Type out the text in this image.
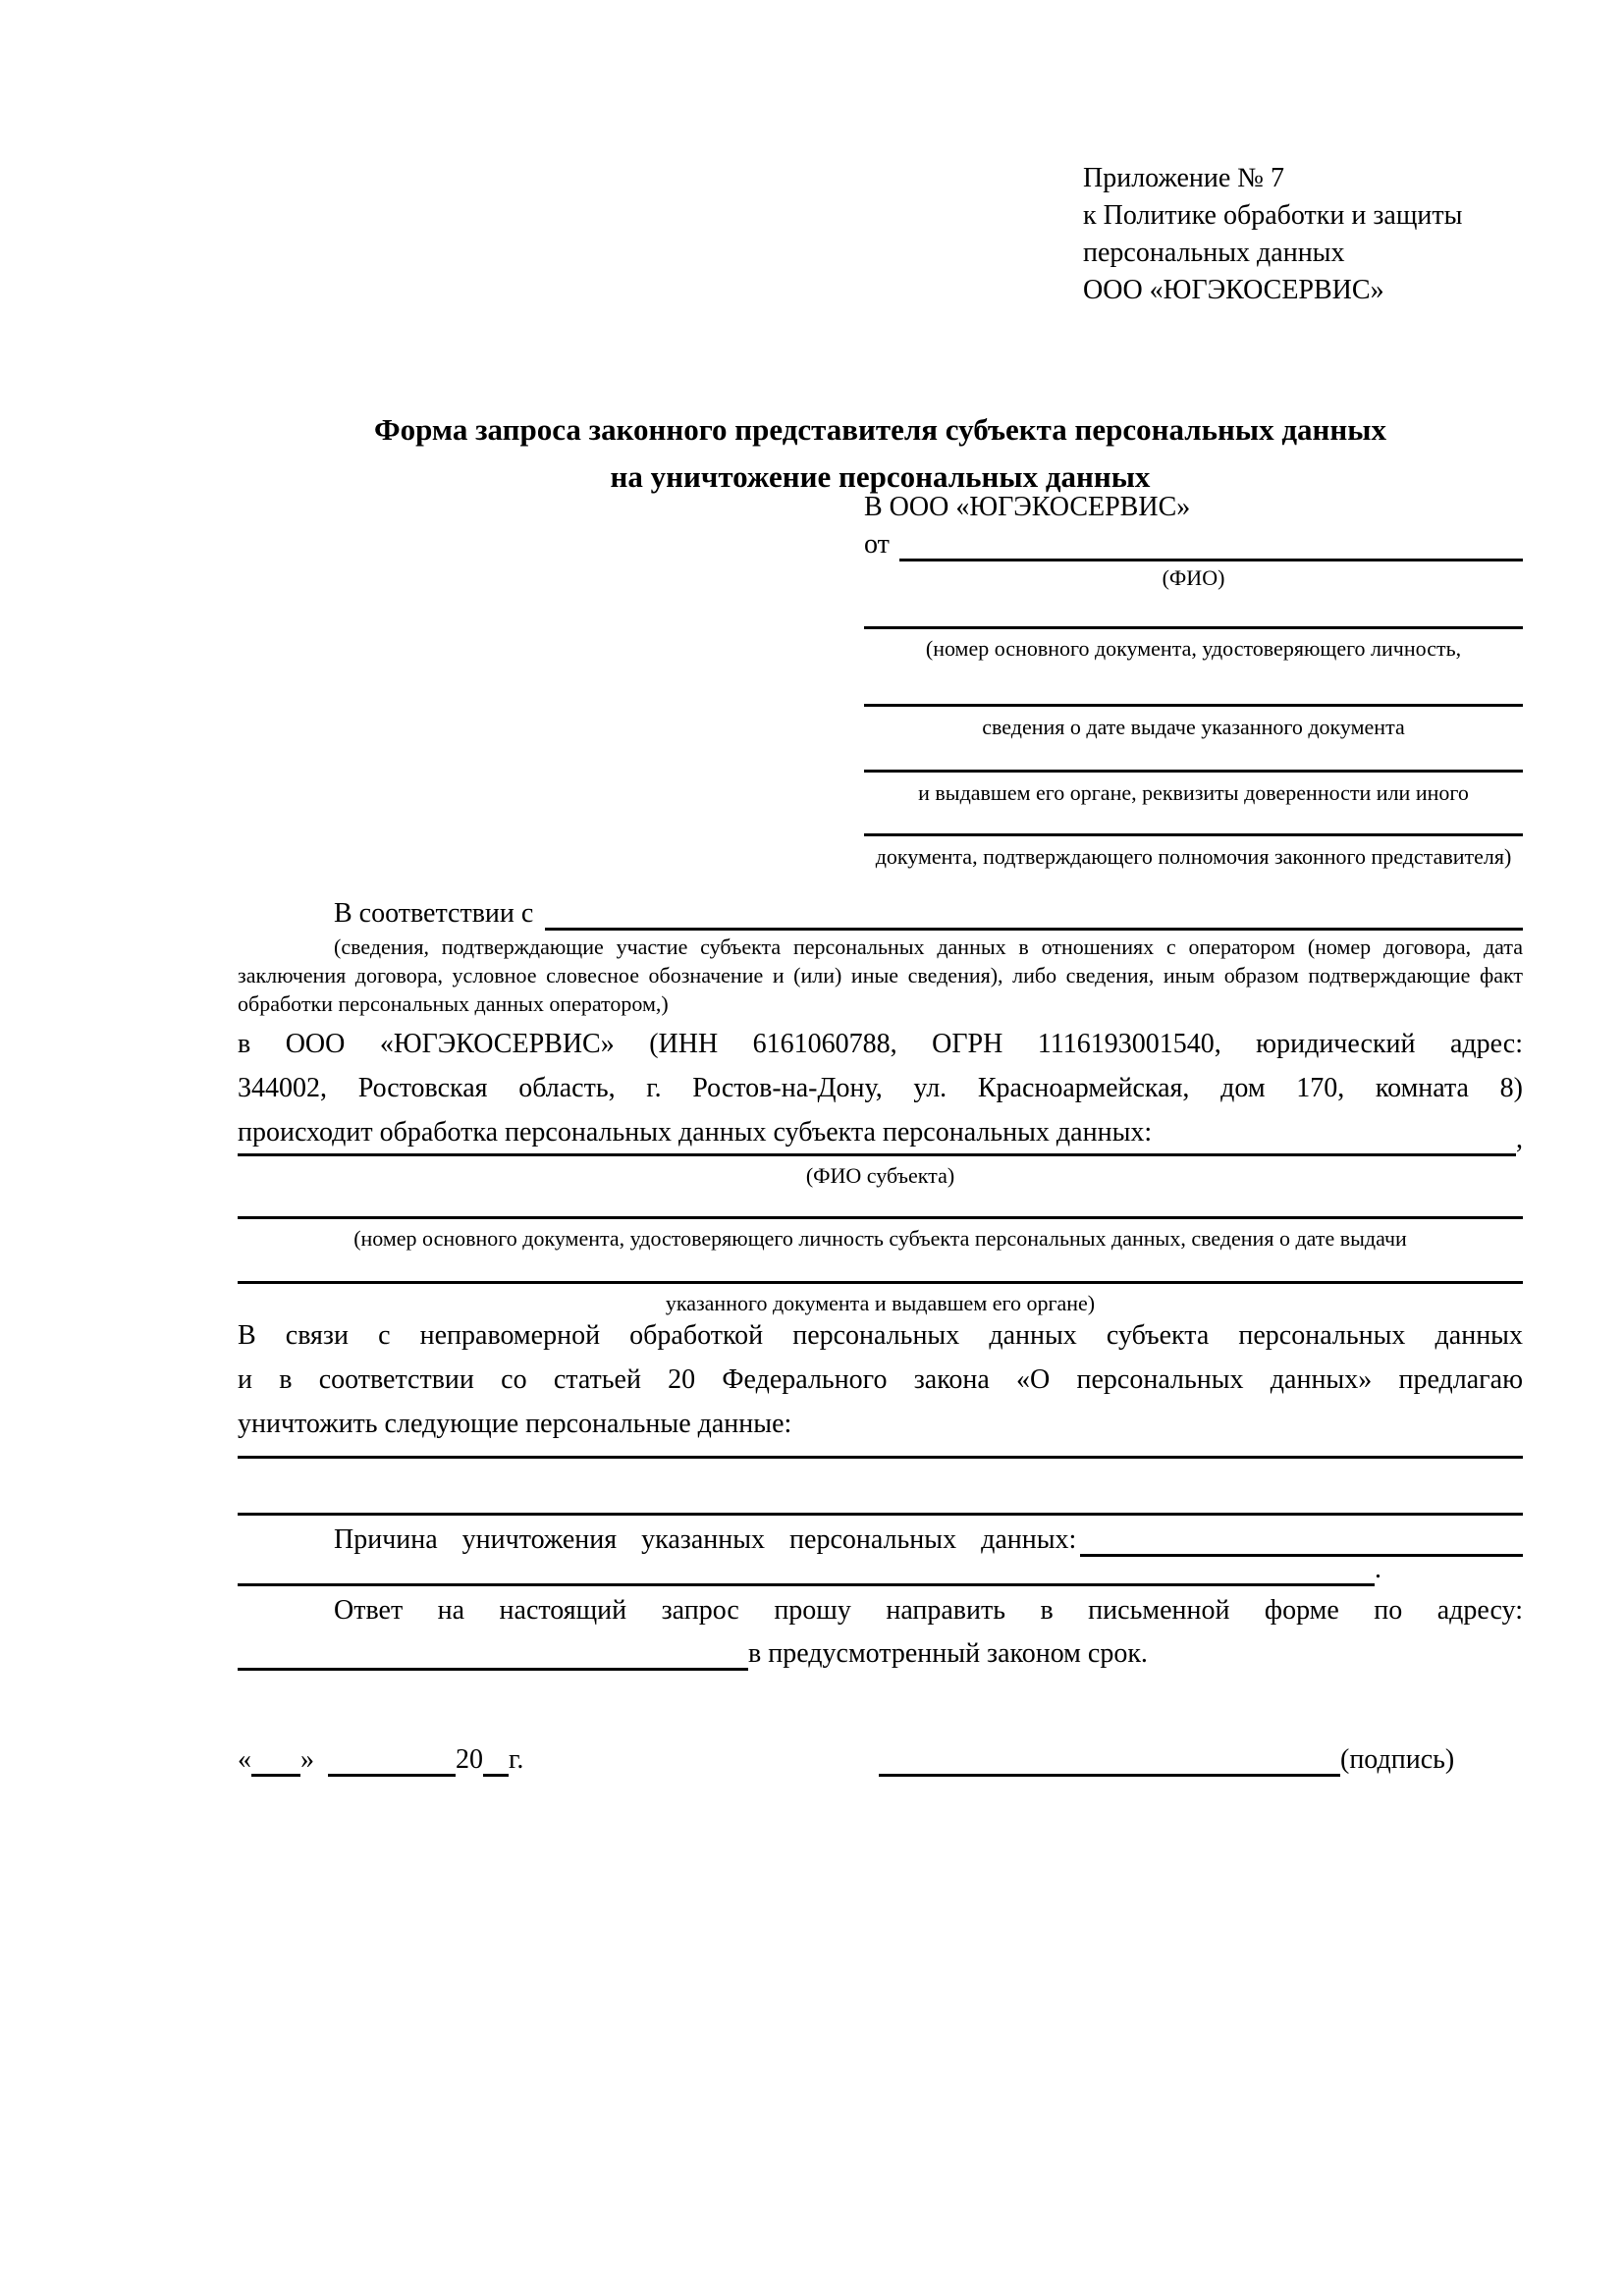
Приложение № 7
к Политике обработки и защиты
персональных данных
ООО «ЮГЭКОСЕРВИС»
Форма запроса законного представителя субъекта персональных данных
на уничтожение персональных данных
В ООО «ЮГЭКОСЕРВИС»
от
(ФИО)
(номер основного документа, удостоверяющего личность,
сведения о дате выдаче указанного документа
и выдавшем его органе, реквизиты доверенности или иного
документа, подтверждающего полномочия законного представителя)
В соответствии с
(сведения, подтверждающие участие субъекта персональных данных в отношениях с оператором (номер договора, дата
заключения договора, условное словесное обозначение и (или) иные сведения), либо сведения, иным образом подтверждающие факт
обработки персональных данных оператором,)
в ООО «ЮГЭКОСЕРВИС» (ИНН 6161060788, ОГРН 1116193001540, юридический адрес:
344002, Ростовская область, г. Ростов-на-Дону, ул. Красноармейская, дом 170, комната 8)
происходит обработка персональных данных субъекта персональных данных:	,
(ФИО субъекта)
(номер основного документа, удостоверяющего личность субъекта персональных данных, сведения о дате выдачи
указанного документа и выдавшем его органе)
В связи с неправомерной обработкой персональных данных субъекта персональных данных
и в соответствии со статьей 20 Федерального закона «О персональных данных» предлагаю
уничтожить следующие персональные данные:
Причина уничтожения указанных персональных данных:
.
Ответ на настоящий запрос прошу направить в письменной форме по адресу:
в предусмотренный законом срок.
« »	20 г.	(подпись)
